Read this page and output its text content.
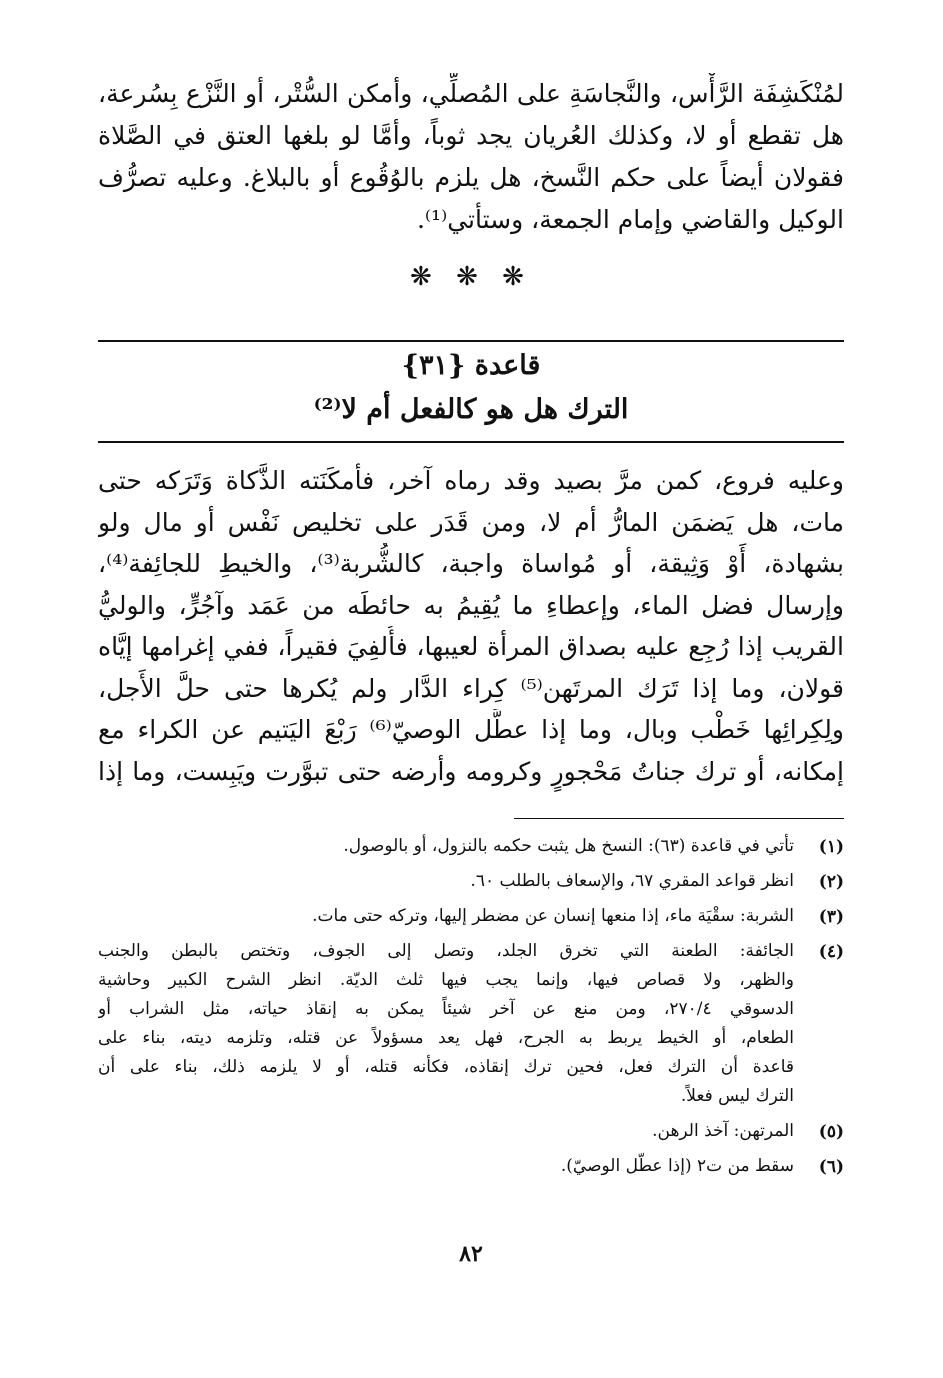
لمُنْكَشِفَة الرَّأْس، والنَّجاسَةِ على المُصلِّي، وأمكن السُّتْر، أو النَّزْع بِسُرعة،
هل تقطع أو لا، وكذلك العُريان يجد ثوباً، وأمَّا لو بلغها العتق في الصَّلاة
فقولان أيضاً على حكم النَّسخ، هل يلزم بالوُقُوع أو بالبلاغ. وعليه تصرُّف
الوكيل والقاضي وإمام الجمعة، وستأتي⁽¹⁾.
❋ ❋ ❋
قاعدة {٣١}
الترك هل هو كالفعل أم لا⁽²⁾
وعليه فروع، كمن مرَّ بصيد وقد رماه آخر، فأمكَنَته الذَّكاة وَتَرَكه حتى
مات، هل يَضمَن المارُّ أم لا، ومن قَدَر على تخليص نَفْس أو مال ولو
بشهادة، أَوْ وَثِيقة، أو مُواساة واجبة، كالشُّربة⁽³⁾، والخيطِ للجائِفة⁽⁴⁾،
وإرسال فضل الماء، وإعطاءِ ما يُقِيمُ به حائطَه من عَمَد وآجُرٍّ، والوليُّ
القريب إذا رُجِع عليه بصداق المرأة لعيبها، فأُلفِيَ فقيراً، ففي إغرامها إيَّاه
قولان، وما إذا تَرَك المرتَهن⁽⁵⁾ كِراء الدَّار ولم يُكرها حتى حلَّ الأَجل،
ولِكِرائِها خَطْب وبال، وما إذا عطَّل الوصيّ⁽⁶⁾ رَبْعَ اليَتيم عن الكراء مع
إمكانه، أو ترك جناتُ مَحْجورٍ وكرومه وأرضه حتى تبوَّرت ويَبِست، وما إذا
(١)
تأتي في قاعدة (٦٣): النسخ هل يثبت حكمه بالنزول، أو بالوصول.
(٢)
انظر قواعد المقري ٦٧، والإسعاف بالطلب ٦٠.
(٣)
الشربة: سقْيَة ماء، إذا منعها إنسان عن مضطر إليها، وتركه حتى مات.
(٤)
الجائفة: الطعنة التي تخرق الجلد، وتصل إلى الجوف، وتختص بالبطن والجنب
والظهر، ولا قصاص فيها، وإنما يجب فيها ثلث الديّة. انظر الشرح الكبير وحاشية
الدسوقي ٢٧٠/٤، ومن منع عن آخر شيئاً يمكن به إنقاذ حياته، مثل الشراب أو
الطعام، أو الخيط يربط به الجرح، فهل يعد مسؤولاً عن قتله، وتلزمه ديته، بناء على
قاعدة أن الترك فعل، فحين ترك إنقاذه، فكأنه قتله، أو لا يلزمه ذلك، بناء على أن
الترك ليس فعلاً.
(٥)
المرتهن: آخذ الرهن.
(٦)
سقط من ت٢ (إذا عطّل الوصيّ).
٨٢
